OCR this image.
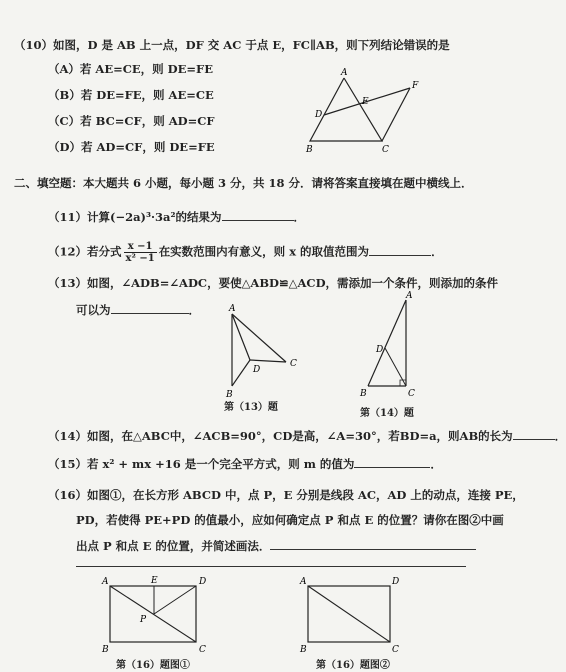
（10）如图，D 是 AB 上一点，DF 交 AC 于点 E，FC∥AB，则下列结论错误的是
（A）若 AE=CE，则 DE=FE
（B）若 DE=FE，则 AE=CE
（C）若 BC=CF，则 AD=CF
（D）若 AD=CF，则 DE=FE
A
F
E
D
B	C
二、填空题：本大题共 6 小题，每小题 3 分，共 18 分．请将答案直接填在题中横线上．
（11）计算(−2a)³·3a²的结果为	．
（12）若分式 $\frac{x -1}{\text{x² −1}}$ 在实数范围内有意义，则 x 的取值范围为	．
（13）如图，∠ADB=∠ADC，要使△ABD≌△ACD，需添加一个条件，则添加的条件
可以为	．	A
D
B
C
第（13）题
A
D
B	C
第（14）题
（14）如图，在△ABC中，∠ACB=90°，CD是高，∠A=30°，若BD=a，则AB的长为	．
（15）若 x² + mx +16 是一个完全平方式，则 m 的值为	．
（16）如图①，在长方形 ABCD 中，点 P，E 分别是线段 AC，AD 上的动点，连接 PE，
PD，若使得 PE+PD 的值最小，应如何确定点 P 和点 E 的位置？请你在图②中画
出点 P 和点 E 的位置，并简述画法．
A	E	D
P
B	C
第（16）题图①
A	D
B	C
第（16）题图②
